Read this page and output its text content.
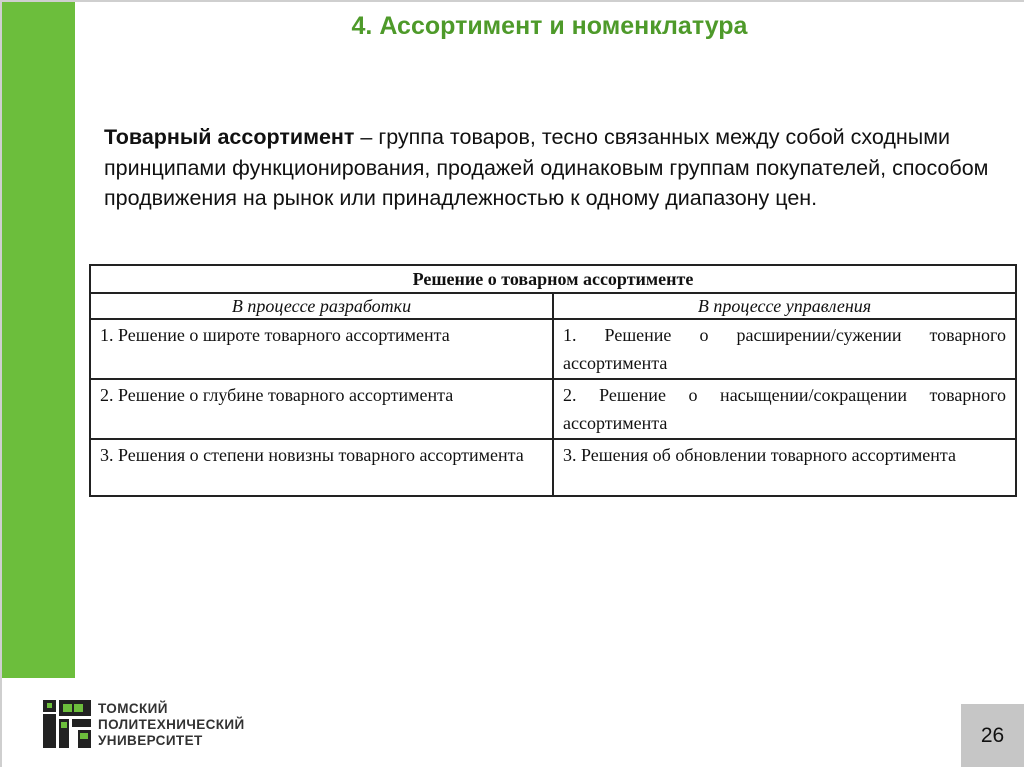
4. Ассортимент и номенклатура
Товарный ассортимент – группа товаров, тесно связанных между собой сходными принципами функционирования, продажей одинаковым группам покупателей, способом продвижения на рынок или принадлежностью к одному диапазону цен.
Решение о товарном ассортименте	
В процессе разработки	В процессе управления
1. Решение о широте товарного ассортимента	1. Решение о расширении/сужении товарного ассортимента
2. Решение о глубине товарного ассортимента	2. Решение о насыщении/сокращении товарного ассортимента
3. Решения о степени новизны товарного ассортимента	3. Решения об обновлении товарного ассортимента
ТОМСКИЙ
ПОЛИТЕХНИЧЕСКИЙ
УНИВЕРСИТЕТ	26
